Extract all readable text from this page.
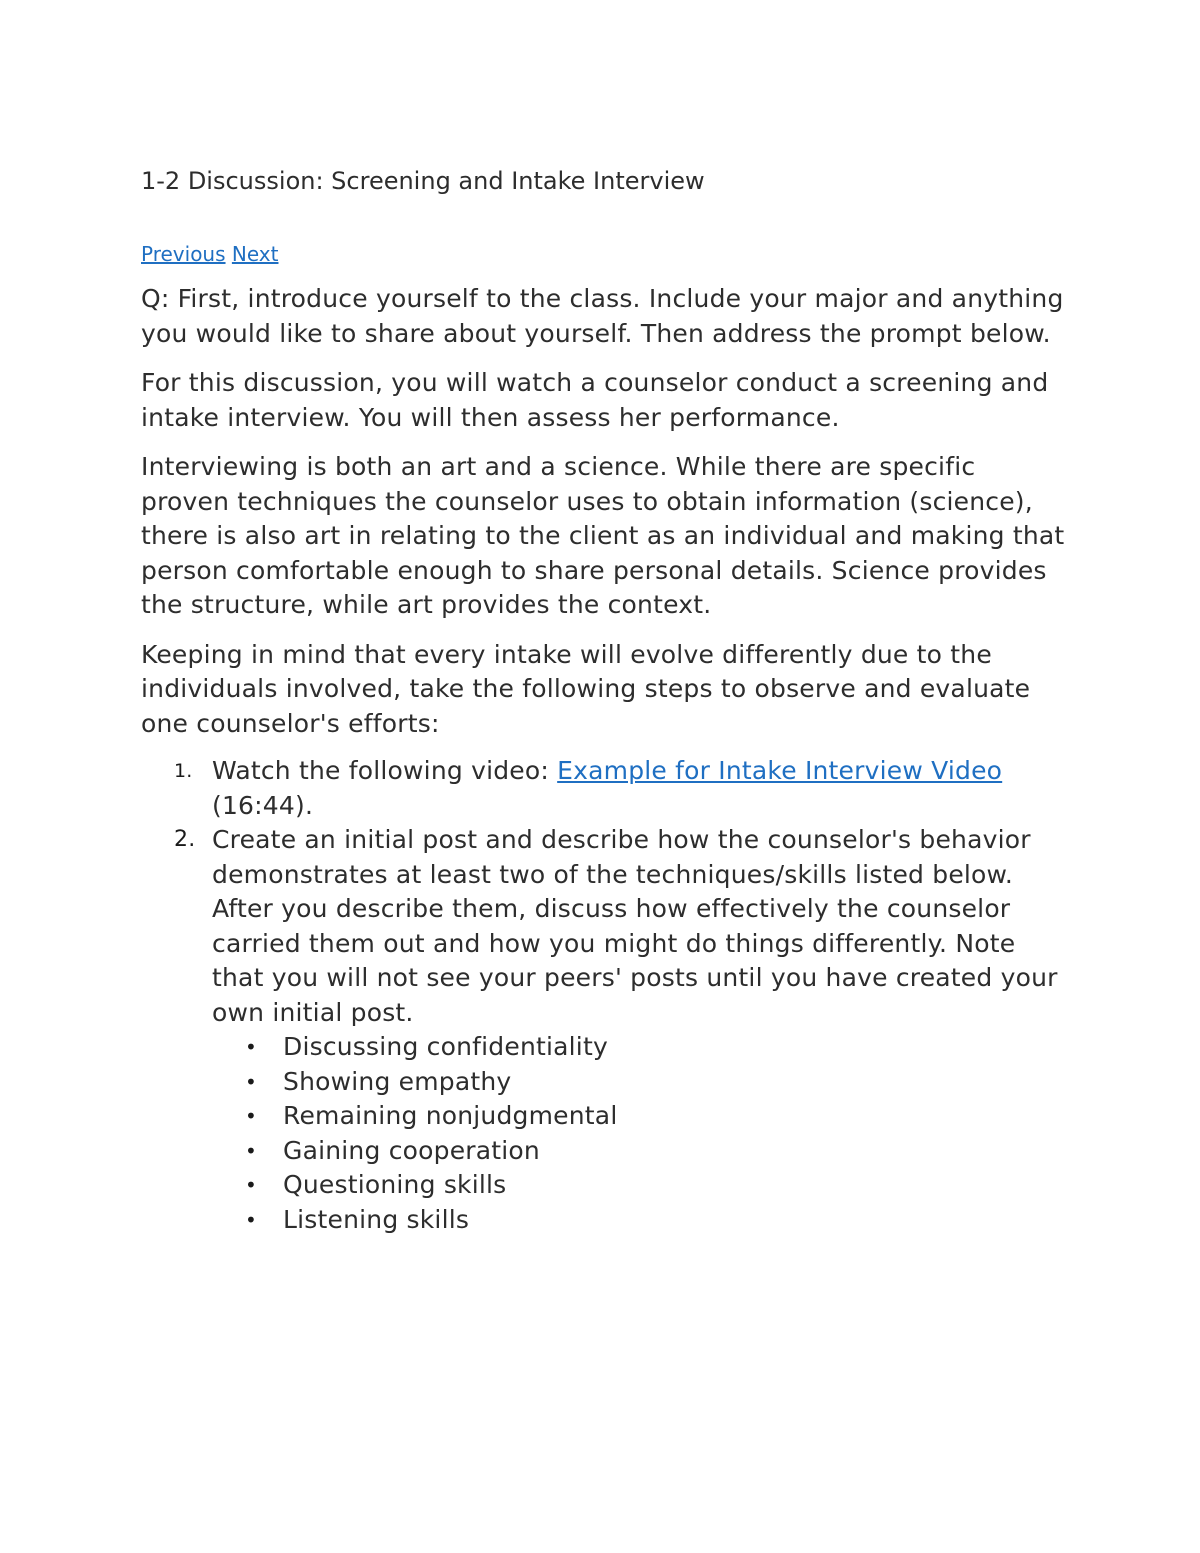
1-2 Discussion: Screening and Intake Interview
Previous Next

Q: First, introduce yourself to the class. Include your major and anything you would like to share about yourself. Then address the prompt below.

For this discussion, you will watch a counselor conduct a screening and intake interview. You will then assess her performance.

Interviewing is both an art and a science. While there are specific proven techniques the counselor uses to obtain information (science), there is also art in relating to the client as an individual and making that person comfortable enough to share personal details. Science provides the structure, while art provides the context.

Keeping in mind that every intake will evolve differently due to the individuals involved, take the following steps to observe and evaluate one counselor's efforts:

1. Watch the following video: Example for Intake Interview Video (16:44).
2. Create an initial post and describe how the counselor's behavior demonstrates at least two of the techniques/skills listed below. After you describe them, discuss how effectively the counselor carried them out and how you might do things differently. Note that you will not see your peers' posts until you have created your own initial post.
• Discussing confidentiality
• Showing empathy
• Remaining nonjudgmental
• Gaining cooperation
• Questioning skills
• Listening skills
